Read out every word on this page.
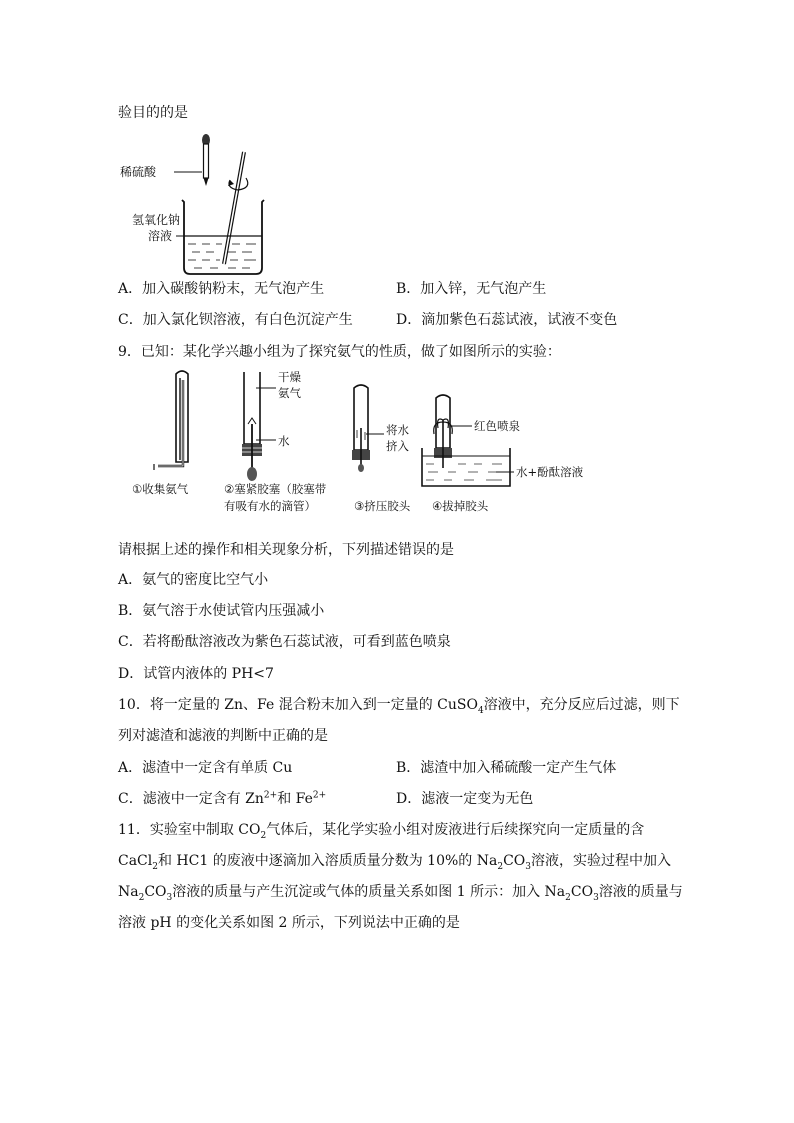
验目的的是
稀硫酸
氢氧化钠
溶液
A．加入碳酸钠粉末，无气泡产生	B．加入锌，无气泡产生
C．加入氯化钡溶液，有白色沉淀产生	D．滴加紫色石蕊试液，试液不变色
9．已知：某化学兴趣小组为了探究氨气的性质，做了如图所示的实验：
①收集氨气
干燥
氨气
水
②塞紧胶塞（胶塞带
有吸有水的滴管）
将水
挤入
③挤压胶头
红色喷泉
水+酚酞溶液
④拔掉胶头
请根据上述的操作和相关现象分析，下列描述错误的是
A．氨气的密度比空气小
B．氨气溶于水使试管内压强减小
C．若将酚酞溶液改为紫色石蕊试液，可看到蓝色喷泉
D．试管内液体的 PH<7
10．将一定量的 Zn、Fe 混合粉末加入到一定量的 CuSO$_4$溶液中，充分反应后过滤，则下
列对滤渣和滤液的判断中正确的是
A．滤渣中一定含有单质 Cu	B．滤渣中加入稀硫酸一定产生气体
C．滤液中一定含有 $Zn^{2+}$和 $Fe^{2+}$	D．滤液一定变为无色
11．实验室中制取 $CO_2$气体后，某化学实验小组对废液进行后续探究向一定质量的含
CaCl$_2$和 HC1 的废液中逐滴加入溶质质量分数为 10%的 $Na_2CO_3$溶液，实验过程中加入
$Na_2CO_3$溶液的质量与产生沉淀或气体的质量关系如图 1 所示：加入 $Na_2CO_3$溶液的质量与
溶液 pH 的变化关系如图 2 所示，下列说法中正确的是
